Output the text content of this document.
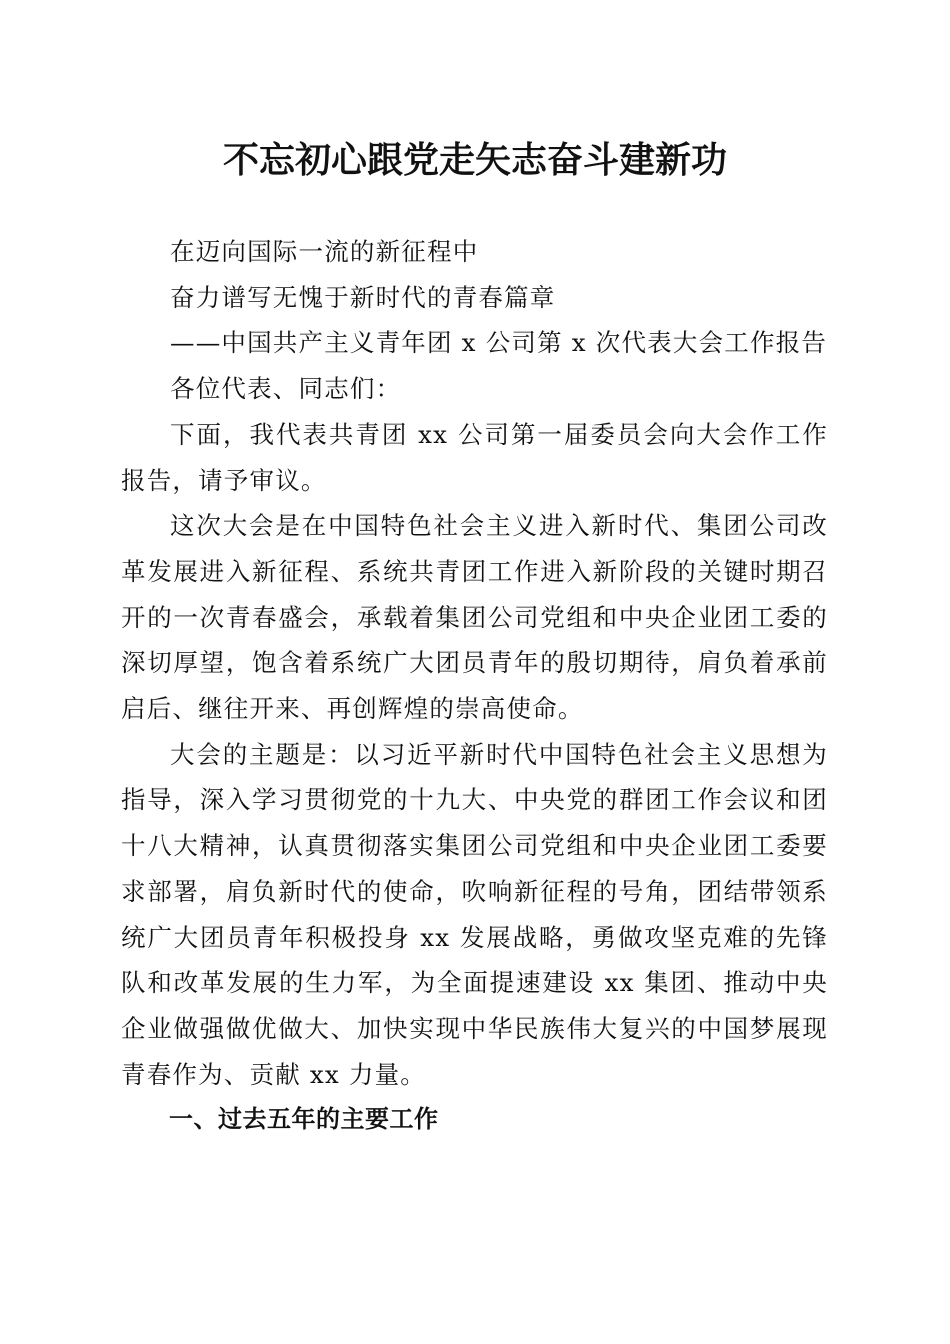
不忘初心跟党走矢志奋斗建新功

在迈向国际一流的新征程中

奋力谱写无愧于新时代的青春篇章

——中国共产主义青年团 x 公司第 x 次代表大会工作报告

各位代表、同志们：

下面，我代表共青团 xx 公司第一届委员会向大会作工作报告，请予审议。

这次大会是在中国特色社会主义进入新时代、集团公司改革发展进入新征程、系统共青团工作进入新阶段的关键时期召开的一次青春盛会，承载着集团公司党组和中央企业团工委的深切厚望，饱含着系统广大团员青年的殷切期待，肩负着承前启后、继往开来、再创辉煌的崇高使命。

大会的主题是：以习近平新时代中国特色社会主义思想为指导，深入学习贯彻党的十九大、中央党的群团工作会议和团十八大精神，认真贯彻落实集团公司党组和中央企业团工委要求部署，肩负新时代的使命，吹响新征程的号角，团结带领系统广大团员青年积极投身 xx 发展战略，勇做攻坚克难的先锋队和改革发展的生力军，为全面提速建设 xx 集团、推动中央企业做强做优做大、加快实现中华民族伟大复兴的中国梦展现青春作为、贡献 xx 力量。

一、过去五年的主要工作
